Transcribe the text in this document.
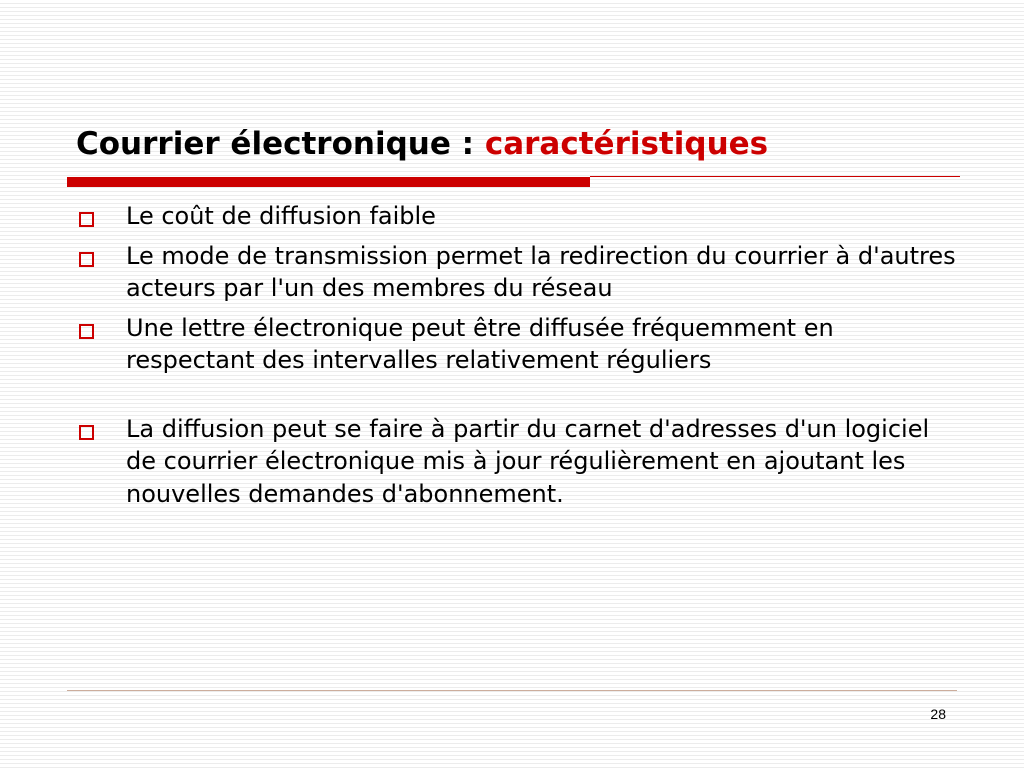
Courrier électronique : caractéristiques
Le coût de diffusion faible
Le mode de transmission permet la redirection du courrier à d'autres acteurs par l'un des membres du réseau
Une lettre électronique peut être diffusée fréquemment en respectant des intervalles relativement réguliers
La diffusion peut se faire à partir du carnet d'adresses d'un logiciel de courrier électronique mis à jour régulièrement en ajoutant les nouvelles demandes d'abonnement.
28
